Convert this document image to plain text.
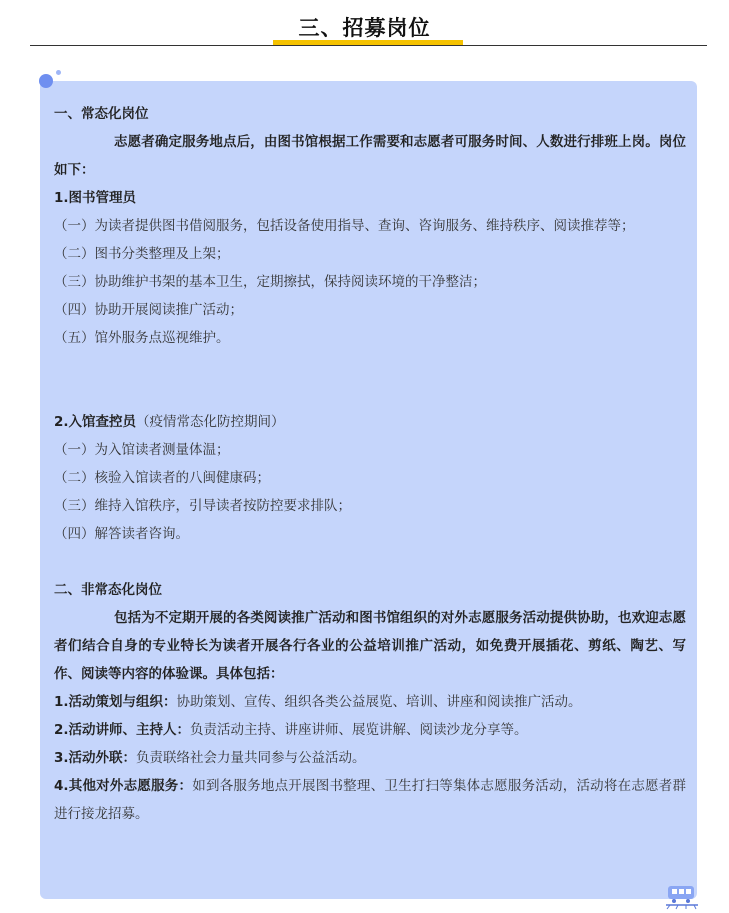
三、招募岗位

一、常态化岗位

志愿者确定服务地点后，由图书馆根据工作需要和志愿者可服务时间、人数进行排班上岗。岗位如下：

1.图书管理员

（一）为读者提供图书借阅服务，包括设备使用指导、查询、咨询服务、维持秩序、阅读推荐等；

（二）图书分类整理及上架；

（三）协助维护书架的基本卫生，定期擦拭，保持阅读环境的干净整洁；

（四）协助开展阅读推广活动；

（五）馆外服务点巡视维护。

2.入馆查控员（疫情常态化防控期间）

（一）为入馆读者测量体温；

（二）核验入馆读者的八闽健康码；

（三）维持入馆秩序，引导读者按防控要求排队；

（四）解答读者咨询。

二、非常态化岗位

包括为不定期开展的各类阅读推广活动和图书馆组织的对外志愿服务活动提供协助，也欢迎志愿者们结合自身的专业特长为读者开展各行各业的公益培训推广活动，如免费开展插花、剪纸、陶艺、写作、阅读等内容的体验课。具体包括：

1.活动策划与组织：协助策划、宣传、组织各类公益展览、培训、讲座和阅读推广活动。

2.活动讲师、主持人：负责活动主持、讲座讲师、展览讲解、阅读沙龙分享等。

3.活动外联：负责联络社会力量共同参与公益活动。

4.其他对外志愿服务：如到各服务地点开展图书整理、卫生打扫等集体志愿服务活动，活动将在志愿者群进行接龙招募。
